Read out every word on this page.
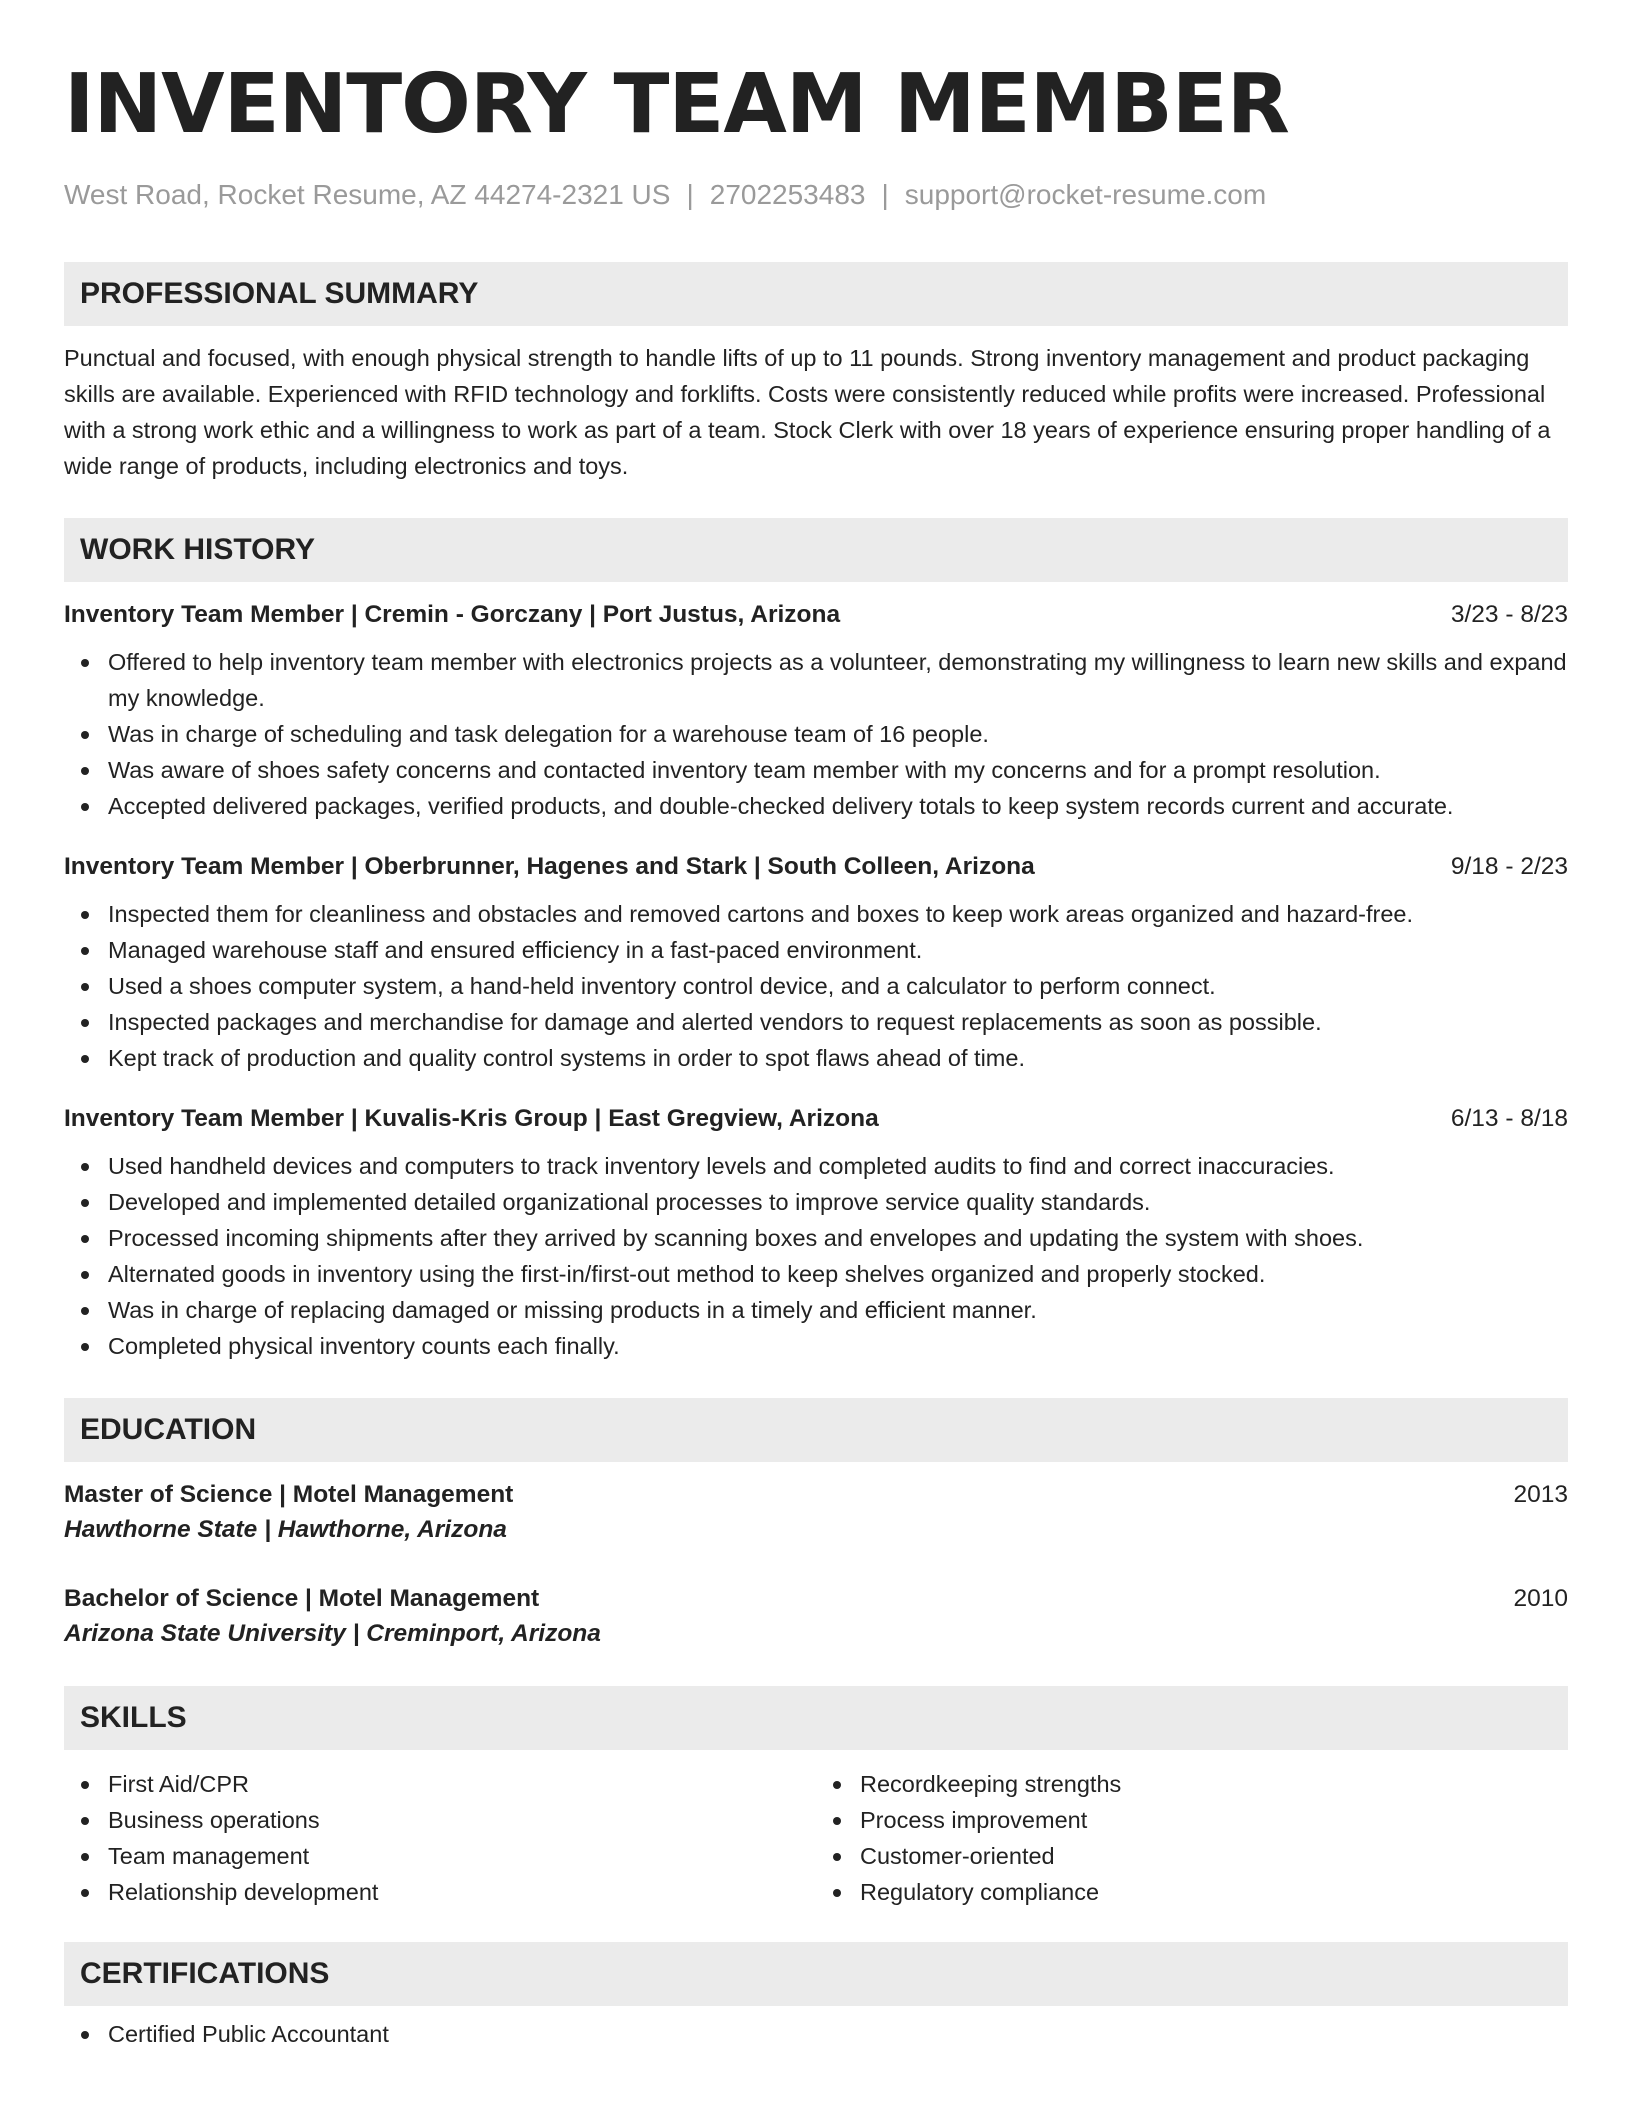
INVENTORY TEAM MEMBER
West Road, Rocket Resume, AZ 44274-2321 US | 2702253483 | support@rocket-resume.com
PROFESSIONAL SUMMARY
Punctual and focused, with enough physical strength to handle lifts of up to 11 pounds. Strong inventory management and product packaging skills are available. Experienced with RFID technology and forklifts. Costs were consistently reduced while profits were increased. Professional with a strong work ethic and a willingness to work as part of a team. Stock Clerk with over 18 years of experience ensuring proper handling of a wide range of products, including electronics and toys.
WORK HISTORY
Inventory Team Member | Cremin - Gorczany | Port Justus, Arizona	3/23 - 8/23
Offered to help inventory team member with electronics projects as a volunteer, demonstrating my willingness to learn new skills and expand my knowledge.
Was in charge of scheduling and task delegation for a warehouse team of 16 people.
Was aware of shoes safety concerns and contacted inventory team member with my concerns and for a prompt resolution.
Accepted delivered packages, verified products, and double-checked delivery totals to keep system records current and accurate.
Inventory Team Member | Oberbrunner, Hagenes and Stark | South Colleen, Arizona	9/18 - 2/23
Inspected them for cleanliness and obstacles and removed cartons and boxes to keep work areas organized and hazard-free.
Managed warehouse staff and ensured efficiency in a fast-paced environment.
Used a shoes computer system, a hand-held inventory control device, and a calculator to perform connect.
Inspected packages and merchandise for damage and alerted vendors to request replacements as soon as possible.
Kept track of production and quality control systems in order to spot flaws ahead of time.
Inventory Team Member | Kuvalis-Kris Group | East Gregview, Arizona	6/13 - 8/18
Used handheld devices and computers to track inventory levels and completed audits to find and correct inaccuracies.
Developed and implemented detailed organizational processes to improve service quality standards.
Processed incoming shipments after they arrived by scanning boxes and envelopes and updating the system with shoes.
Alternated goods in inventory using the first-in/first-out method to keep shelves organized and properly stocked.
Was in charge of replacing damaged or missing products in a timely and efficient manner.
Completed physical inventory counts each finally.
EDUCATION
Master of Science | Motel Management	2013
Hawthorne State | Hawthorne, Arizona
Bachelor of Science | Motel Management	2010
Arizona State University | Creminport, Arizona
SKILLS
First Aid/CPR
Business operations
Team management
Relationship development
Recordkeeping strengths
Process improvement
Customer-oriented
Regulatory compliance
CERTIFICATIONS
Certified Public Accountant
